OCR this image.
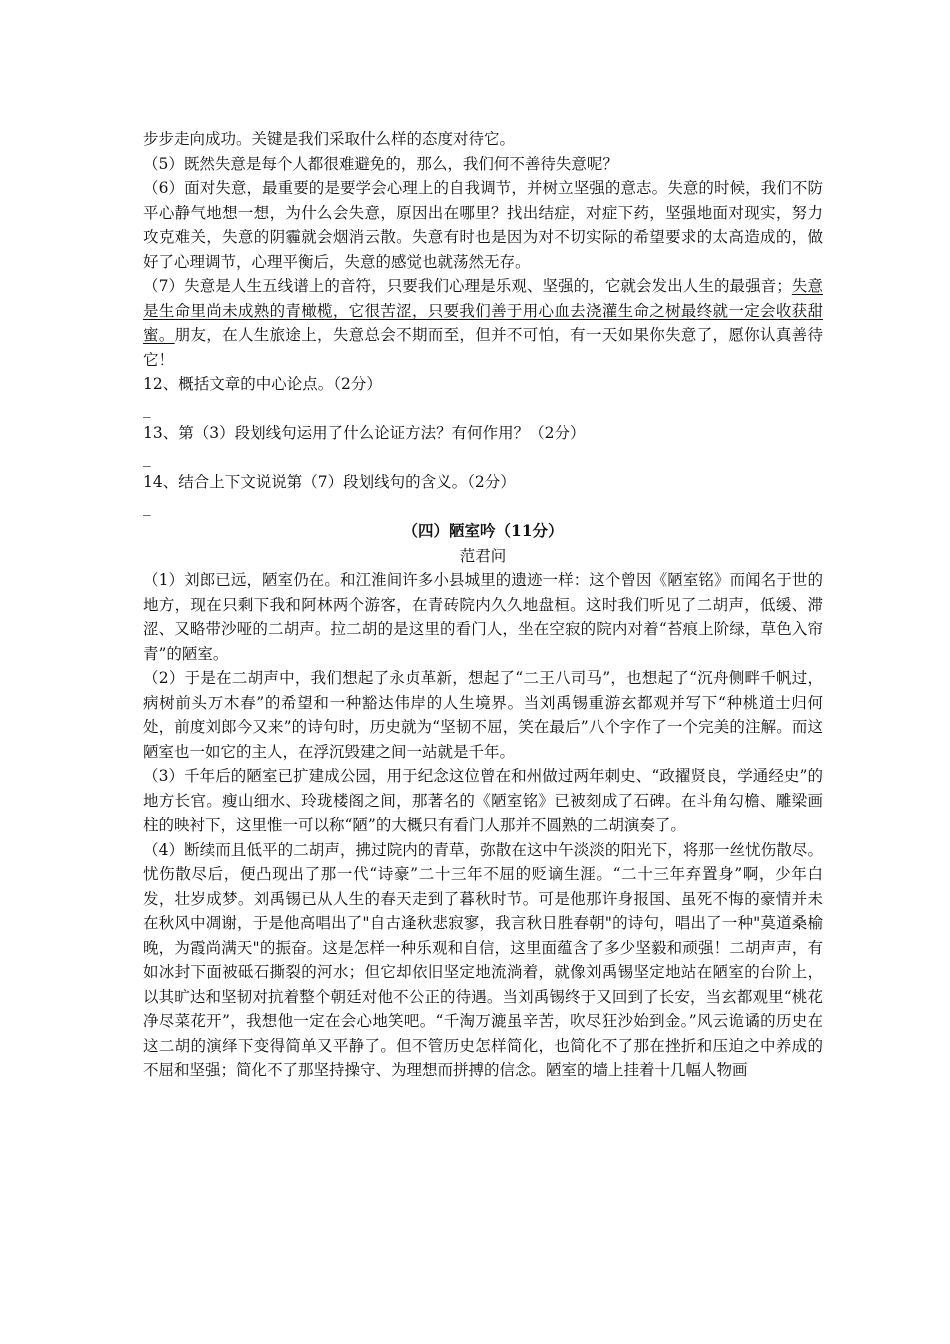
步步走向成功。关键是我们采取什么样的态度对待它。

（5）既然失意是每个人都很难避免的，那么，我们何不善待失意呢？

（6）面对失意，最重要的是要学会心理上的自我调节，并树立坚强的意志。失意的时候，我们不防平心静气地想一想，为什么会失意，原因出在哪里？找出结症，对症下药，坚强地面对现实，努力攻克难关，失意的阴霾就会烟消云散。失意有时也是因为对不切实际的希望要求的太高造成的，做好了心理调节，心理平衡后，失意的感觉也就荡然无存。

（7）失意是人生五线谱上的音符，只要我们心理是乐观、坚强的，它就会发出人生的最强音；失意是生命里尚未成熟的青橄榄，它很苦涩，只要我们善于用心血去浇灌生命之树最终就一定会收获甜蜜。朋友，在人生旅途上，失意总会不期而至，但并不可怕，有一天如果你失意了，愿你认真善待它！

12、概括文章的中心论点。（2分）

_

13、第（3）段划线句运用了什么论证方法？有何作用？（2分）

_

14、结合上下文说说第（7）段划线句的含义。（2分）

_

（四）陋室吟（11分）

范君问

（1）刘郎已远，陋室仍在。和江淮间许多小县城里的遗迹一样：这个曾因《陋室铭》而闻名于世的地方，现在只剩下我和阿林两个游客，在青砖院内久久地盘桓。这时我们听见了二胡声，低缓、滞涩、又略带沙哑的二胡声。拉二胡的是这里的看门人，坐在空寂的院内对着“苔痕上阶绿，草色入帘青”的陋室。

（2）于是在二胡声中，我们想起了永贞革新，想起了“二王八司马”，也想起了“沉舟侧畔千帆过，病树前头万木春”的希望和一种豁达伟岸的人生境界。当刘禹锡重游玄都观并写下“种桃道士归何处，前度刘郎今又来”的诗句时，历史就为“坚韧不屈，笑在最后”八个字作了一个完美的注解。而这陋室也一如它的主人，在浮沉毁建之间一站就是千年。

（3）千年后的陋室已扩建成公园，用于纪念这位曾在和州做过两年刺史、“政擢贤良，学通经史”的地方长官。瘦山细水、玲珑楼阁之间，那著名的《陋室铭》已被刻成了石碑。在斗角勾檐、雕梁画柱的映衬下，这里惟一可以称“陋”的大概只有看门人那并不圆熟的二胡演奏了。

（4）断续而且低平的二胡声，拂过院内的青草，弥散在这中午淡淡的阳光下，将那一丝忧伤散尽。忧伤散尽后，便凸现出了那一代“诗豪”二十三年不屈的贬谪生涯。“二十三年弃置身”啊，少年白发，壮岁成梦。刘禹锡已从人生的春天走到了暮秋时节。可是他那许身报国、虽死不悔的豪情并未在秋风中凋谢，于是他高唱出了"自古逢秋悲寂寥，我言秋日胜春朝"的诗句，唱出了一种"莫道桑榆晚，为霞尚满天"的振奋。这是怎样一种乐观和自信，这里面蕴含了多少坚毅和顽强！二胡声声，有如冰封下面被砥石撕裂的河水；但它却依旧坚定地流淌着，就像刘禹锡坚定地站在陋室的台阶上，以其旷达和坚韧对抗着整个朝廷对他不公正的待遇。当刘禹锡终于又回到了长安，当玄都观里“桃花净尽菜花开”，我想他一定在会心地笑吧。“千淘万漉虽辛苦，吹尽狂沙始到金。”风云诡谲的历史在这二胡的演绎下变得简单又平静了。但不管历史怎样简化，也简化不了那在挫折和压迫之中养成的不屈和坚强；简化不了那坚持操守、为理想而拼搏的信念。陋室的墙上挂着十几幅人物画
